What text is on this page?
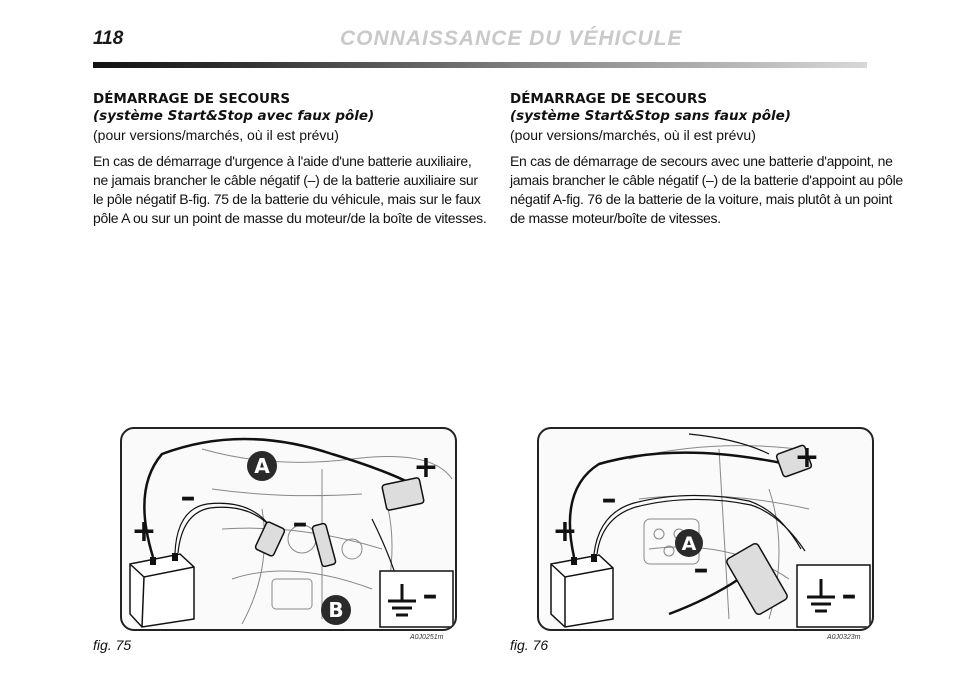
118	CONNAISSANCE DU VÉHICULE

DÉMARRAGE DE SECOURS

(système Start&Stop avec faux pôle)

(pour versions/marchés, où il est prévu)

En cas de démarrage d'urgence à l'aide d'une batterie auxiliaire, ne jamais brancher le câble négatif (–) de la batterie auxiliaire sur le pôle négatif B-fig. 75 de la batterie du véhicule, mais sur le faux pôle A ou sur un point de masse du moteur/de la boîte de vitesses.

DÉMARRAGE DE SECOURS

(système Start&Stop sans faux pôle)

(pour versions/marchés, où il est prévu)

En cas de démarrage de secours avec une batterie d'appoint, ne jamais brancher le câble négatif (–) de la batterie d'appoint au pôle négatif A-fig. 76 de la batterie de la voiture, mais plutôt à un point de masse moteur/boîte de vitesses.

A
B
+
–
+
–
–
fig. 75	A0J0251m
A
+
–
+
–
–
fig. 76	A0J0323m
